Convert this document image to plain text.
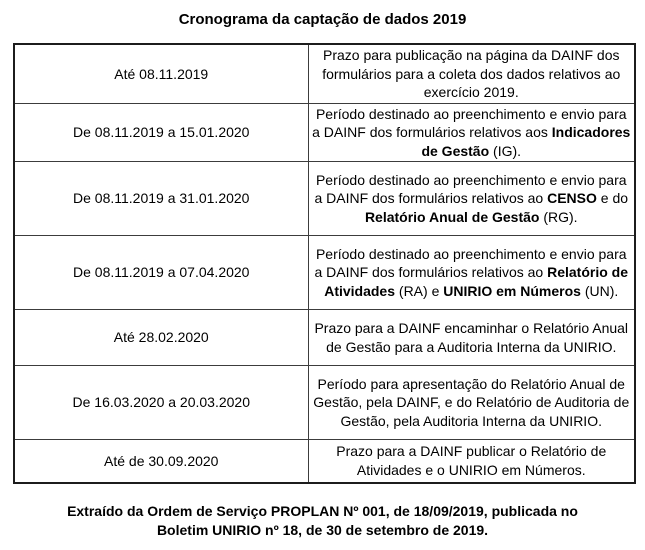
Cronograma da captação de dados 2019
Até 08.11.2019	Prazo para publicação na página da DAINF dos formulários para a coleta dos dados relativos ao exercício 2019.
De 08.11.2019 a 15.01.2020	Período destinado ao preenchimento e envio para a DAINF dos formulários relativos aos Indicadores de Gestão (IG).
De 08.11.2019 a 31.01.2020	Período destinado ao preenchimento e envio para a DAINF dos formulários relativos ao CENSO e do Relatório Anual de Gestão (RG).
De 08.11.2019 a 07.04.2020	Período destinado ao preenchimento e envio para a DAINF dos formulários relativos ao Relatório de Atividades (RA) e UNIRIO em Números (UN).
Até 28.02.2020	Prazo para a DAINF encaminhar o Relatório Anual de Gestão para a Auditoria Interna da UNIRIO.
De 16.03.2020 a 20.03.2020	Período para apresentação do Relatório Anual de Gestão, pela DAINF, e do Relatório de Auditoria de Gestão, pela Auditoria Interna da UNIRIO.
Até de 30.09.2020	Prazo para a DAINF publicar o Relatório de Atividades e o UNIRIO em Números.

Extraído da Ordem de Serviço PROPLAN Nº 001, de 18/09/2019, publicada no Boletim UNIRIO nº 18, de 30 de setembro de 2019.
